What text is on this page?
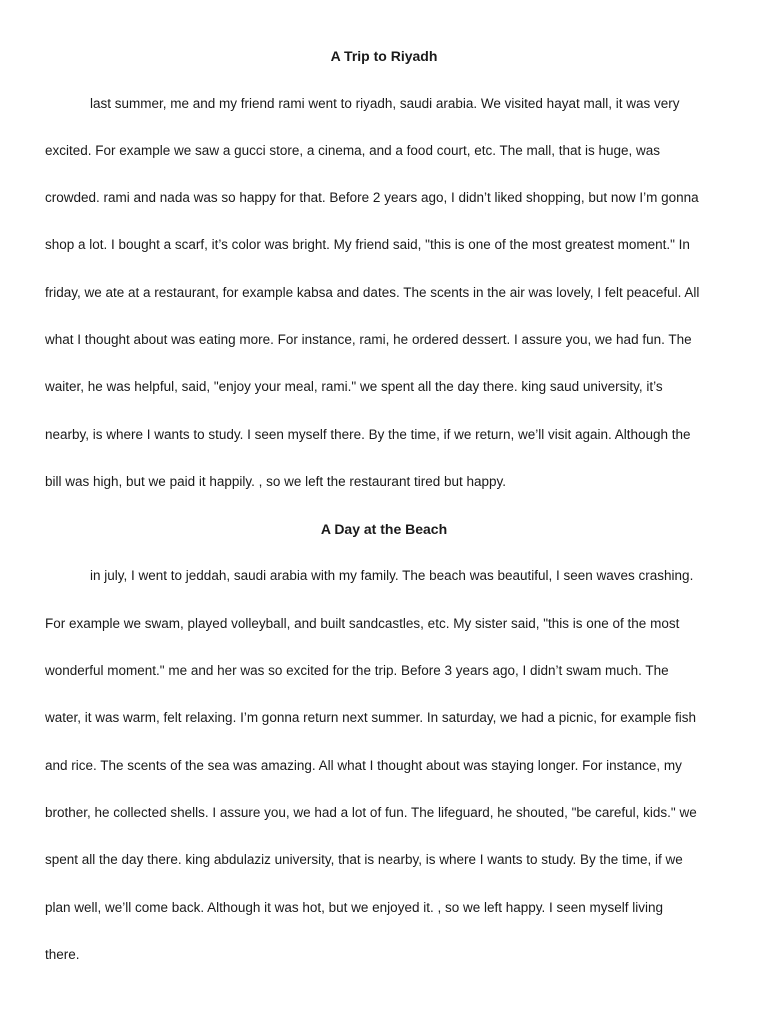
A Trip to Riyadh

last summer, me and my friend rami went to riyadh, saudi arabia. We visited hayat mall, it was very

excited. For example we saw a gucci store, a cinema, and a food court, etc. The mall, that is huge, was

crowded. rami and nada was so happy for that. Before 2 years ago, I didn’t liked shopping, but now I’m gonna

shop a lot. I bought a scarf, it’s color was bright. My friend said, "this is one of the most greatest moment." In

friday, we ate at a restaurant, for example kabsa and dates. The scents in the air was lovely, I felt peaceful. All

what I thought about was eating more. For instance, rami, he ordered dessert. I assure you, we had fun. The

waiter, he was helpful, said, "enjoy your meal, rami." we spent all the day there. king saud university, it’s

nearby, is where I wants to study. I seen myself there. By the time, if we return, we’ll visit again. Although the

bill was high, but we paid it happily. , so we left the restaurant tired but happy.

A Day at the Beach

in july, I went to jeddah, saudi arabia with my family. The beach was beautiful, I seen waves crashing.

For example we swam, played volleyball, and built sandcastles, etc. My sister said, "this is one of the most

wonderful moment." me and her was so excited for the trip. Before 3 years ago, I didn’t swam much. The

water, it was warm, felt relaxing. I’m gonna return next summer. In saturday, we had a picnic, for example fish

and rice. The scents of the sea was amazing. All what I thought about was staying longer. For instance, my

brother, he collected shells. I assure you, we had a lot of fun. The lifeguard, he shouted, "be careful, kids." we

spent all the day there. king abdulaziz university, that is nearby, is where I wants to study. By the time, if we

plan well, we’ll come back. Although it was hot, but we enjoyed it. , so we left happy. I seen myself living

there.
